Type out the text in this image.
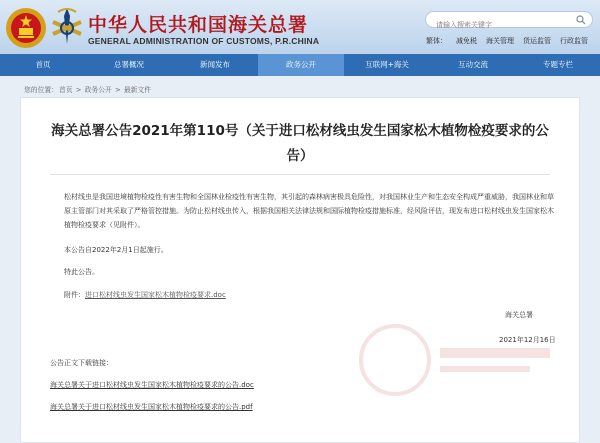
中华人民共和国海关总署
GENERAL ADMINISTRATION OF CUSTOMS, P.R.CHINA
请输入搜索关键字	繁体： 减免税 海关管理 货运监管 行政监管
首页	总署概况	新闻发布	政务公开	互联网+海关	互动交流	专题专栏
您的位置：首页 > 政务公开 > 最新文件
海关总署公告2021年第110号（关于进口松材线虫发生国家松木植物检疫要求的公告）
松材线虫是我国进境植物检疫性有害生物和全国林业检疫性有害生物，其引起的森林病害极具危险性，对我国林业生产和生态安全构成严重威胁，我国林业和草原主管部门对其采取了严格管控措施。为防止松材线虫传入，根据我国相关法律法规和国际植物检疫措施标准，经风险评估，现发布进口松材线虫发生国家松木植物检疫要求（见附件）。
本公告自2022年2月1日起施行。
特此公告。
附件：进口松材线虫发生国家松木植物检疫要求.doc
海关总署
2021年12月16日
公告正文下载链接：
海关总署关于进口松材线虫发生国家松木植物检疫要求的公告.doc
海关总署关于进口松材线虫发生国家松木植物检疫要求的公告.pdf
